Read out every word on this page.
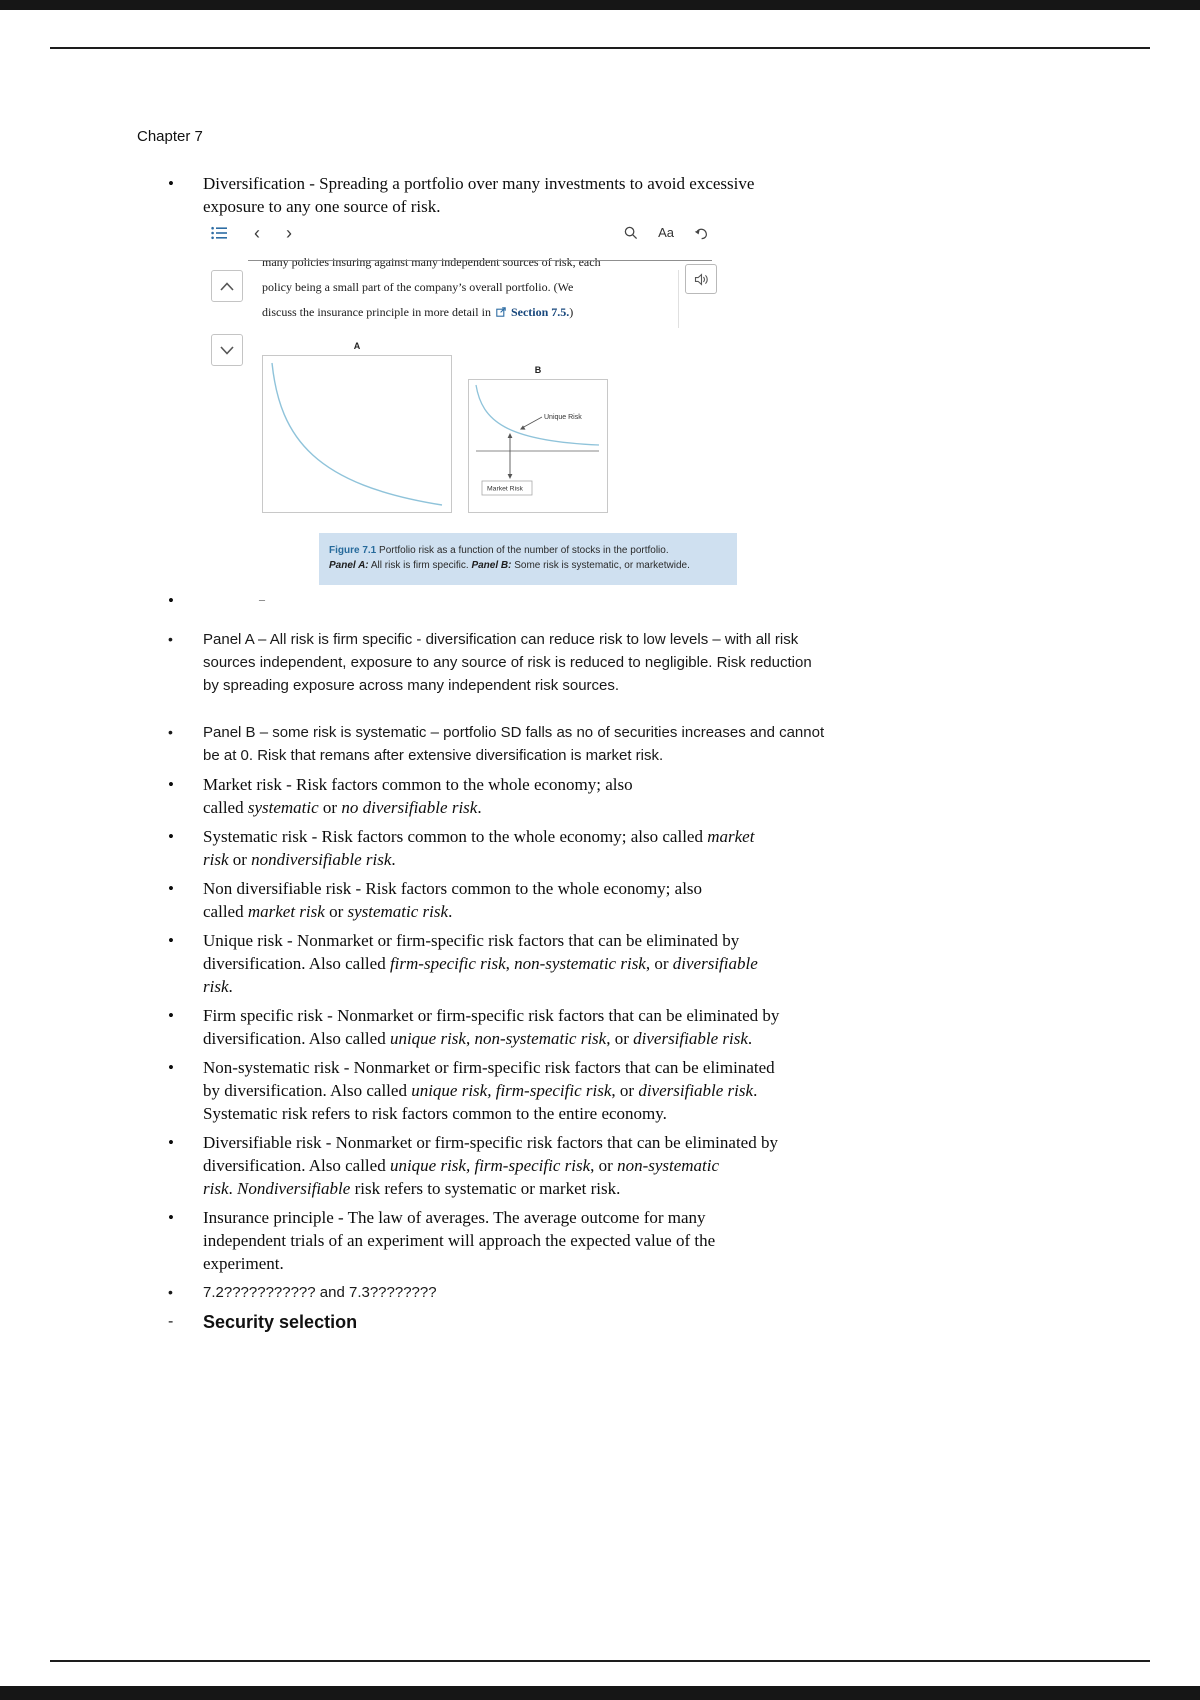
Chapter 7
•	Diversification - Spreading a portfolio over many investments to avoid excessive
exposure to any one source of risk.
‹ ›	Aa
many policies insuring against many independent sources of risk, each
policy being a small part of the company’s overall portfolio. (We
discuss the insurance principle in more detail in Section 7.5.)
A
B
Unique Risk
Market Risk
Figure 7.1 Portfolio risk as a function of the number of stocks in the portfolio.
Panel A: All risk is firm specific. Panel B: Some risk is systematic, or marketwide.
•	–
•	Panel A – All risk is firm specific - diversification can reduce risk to low levels – with all risk
sources independent, exposure to any source of risk is reduced to negligible. Risk reduction
by spreading exposure across many independent risk sources.
•	Panel B – some risk is systematic – portfolio SD falls as no of securities increases and cannot
be at 0. Risk that remans after extensive diversification is market risk.
•	Market risk - Risk factors common to the whole economy; also
called systematic or no diversifiable risk.
•	Systematic risk - Risk factors common to the whole economy; also called market
risk or nondiversifiable risk.
•	Non diversifiable risk - Risk factors common to the whole economy; also
called market risk or systematic risk.
•	Unique risk - Nonmarket or firm-specific risk factors that can be eliminated by
diversification. Also called firm-specific risk, non-systematic risk, or diversifiable
risk.
•	Firm specific risk - Nonmarket or firm-specific risk factors that can be eliminated by
diversification. Also called unique risk, non-systematic risk, or diversifiable risk.
•	Non-systematic risk - Nonmarket or firm-specific risk factors that can be eliminated
by diversification. Also called unique risk, firm-specific risk, or diversifiable risk.
Systematic risk refers to risk factors common to the entire economy.
•	Diversifiable risk - Nonmarket or firm-specific risk factors that can be eliminated by
diversification. Also called unique risk, firm-specific risk, or non-systematic
risk. Nondiversifiable risk refers to systematic or market risk.
•	Insurance principle - The law of averages. The average outcome for many
independent trials of an experiment will approach the expected value of the
experiment.
•	7.2??????????? and 7.3????????
-	Security selection
